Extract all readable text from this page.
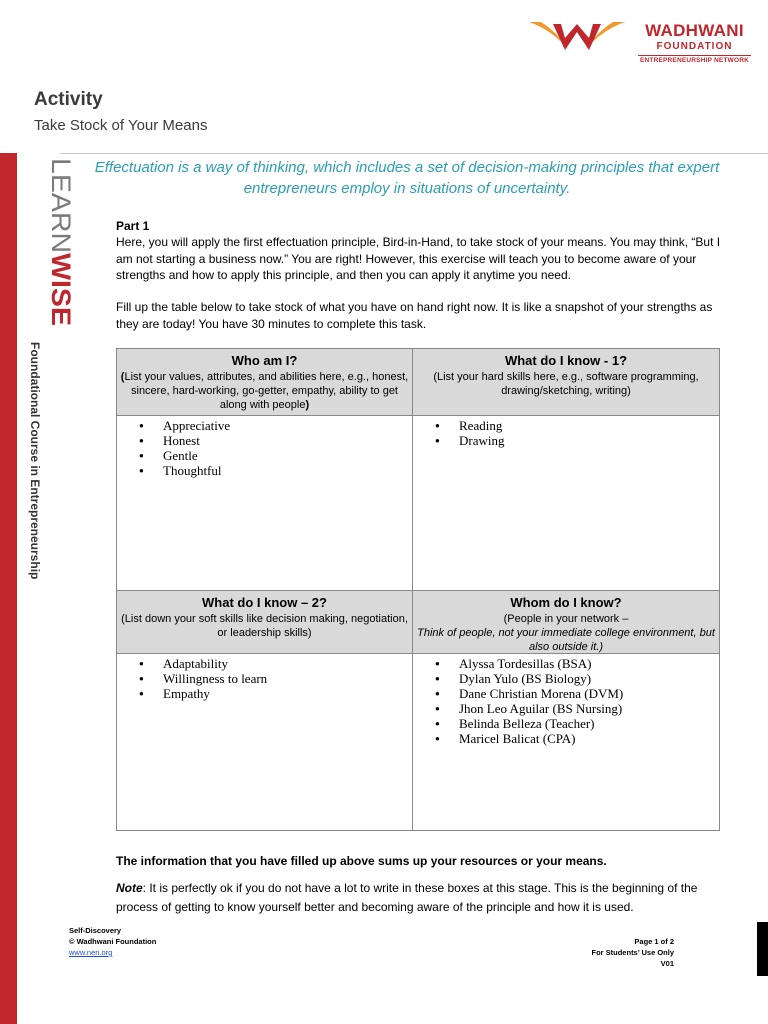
WADHWANI
FOUNDATION
ENTREPRENEURSHIP NETWORK
Activity
Take Stock of Your Means
LEARNWISE
Foundational Course in Entrepreneurship
Effectuation is a way of thinking, which includes a set of decision-making principles that expert entrepreneurs employ in situations of uncertainty.
Part 1
Here, you will apply the first effectuation principle, Bird-in-Hand, to take stock of your means. You may think, “But I am not starting a business now.” You are right! However, this exercise will teach you to become aware of your strengths and how to apply this principle, and then you can apply it anytime you need.
Fill up the table below to take stock of what you have on hand right now. It is like a snapshot of your strengths as they are today! You have 30 minutes to complete this task.
Who am I?
(List your values, attributes, and abilities here, e.g., honest, sincere, hard-working, go-getter, empathy, ability to get along with people)
What do I know - 1?
(List your hard skills here, e.g., software programming, drawing/sketching, writing)
● Appreciative
● Honest
● Gentle
● Thoughtful
● Reading
● Drawing
What do I know – 2?
(List down your soft skills like decision making, negotiation, or leadership skills)
Whom do I know?
(People in your network –
Think of people, not your immediate college environment, but also outside it.)
● Adaptability
● Willingness to learn
● Empathy
● Alyssa Tordesillas (BSA)
● Dylan Yulo (BS Biology)
● Dane Christian Morena (DVM)
● Jhon Leo Aguilar (BS Nursing)
● Belinda Belleza (Teacher)
● Maricel Balicat (CPA)
The information that you have filled up above sums up your resources or your means.
Note: It is perfectly ok if you do not have a lot to write in these boxes at this stage. This is the beginning of the process of getting to know yourself better and becoming aware of the principle and how it is used.
Self-Discovery
© Wadhwani Foundation
www.nen.org
Page 1 of 2
For Students’ Use Only
V01
